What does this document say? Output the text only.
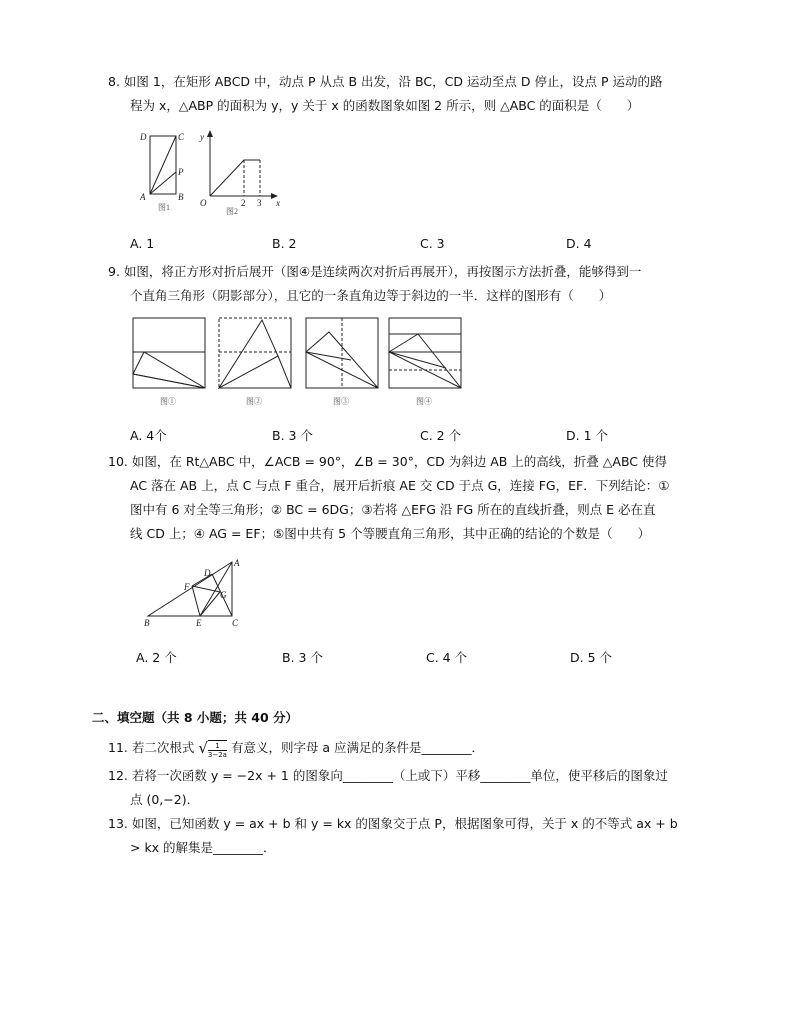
8. 如图 1，在矩形 ABCD 中，动点 P 从点 B 出发，沿 BC，CD 运动至点 D 停止，设点 P 运动的路
程为 x，△ABP 的面积为 y，y 关于 x 的函数图象如图 2 所示，则 △ABC 的面积是（　　）
D	C
P
A	B
图1
y
O	2 3 x
图2
A. 1	B. 2	C. 3	D. 4
9. 如图，将正方形对折后展开（图④是连续两次对折后再展开），再按图示方法折叠，能够得到一
个直角三角形（阴影部分），且它的一条直角边等于斜边的一半．这样的图形有（　　）
图①	图②	图③	图④
A. 4个	B. 3 个	C. 2 个	D. 1 个
10. 如图，在 Rt△ABC 中，∠ACB = 90°，∠B = 30°，CD 为斜边 AB 上的高线，折叠 △ABC 使得
AC 落在 AB 上，点 C 与点 F 重合，展开后折痕 AE 交 CD 于点 G，连接 FG，EF．下列结论：①
图中有 6 对全等三角形；② BC = 6DG；③若将 △EFG 沿 FG 所在的直线折叠，则点 E 必在直
线 CD 上；④ AG = EF；⑤图中共有 5 个等腰直角三角形，其中正确的结论的个数是（　　）
A
D
F
G
B	E	C
A. 2 个	B. 3 个	C. 4 个	D. 5 个
二、填空题（共 8 小题；共 40 分）
11. 若二次根式 √ $\frac{1}{3-2a}$ 有意义，则字母 a 应满足的条件是________．
12. 若将一次函数 y = −2x + 1 的图象向________（上或下）平移________单位，使平移后的图象过
点 (0,−2)．
13. 如图，已知函数 y = ax + b 和 y = kx 的图象交于点 P，根据图象可得，关于 x 的不等式 ax + b
> kx 的解集是________．
